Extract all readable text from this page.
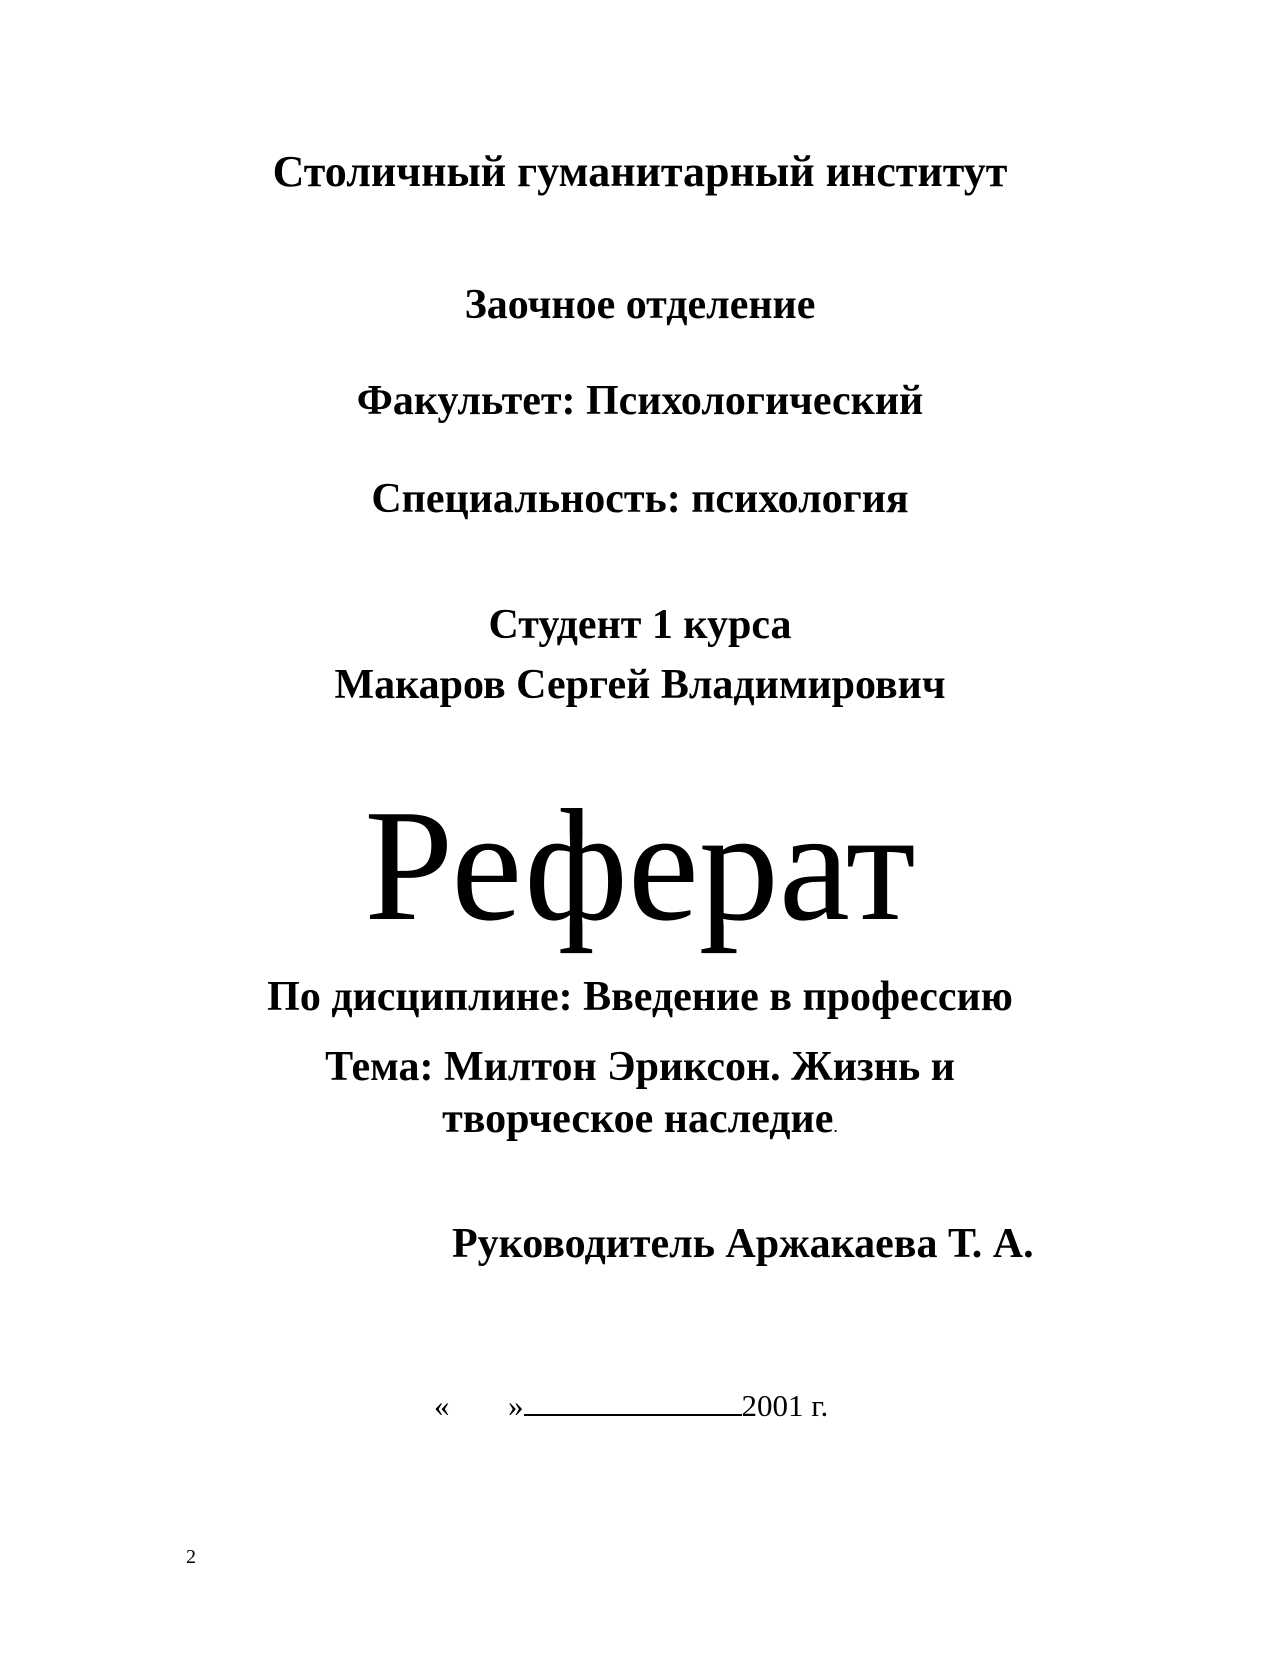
Столичный гуманитарный институт
Заочное отделение
Факультет: Психологический
Специальность: психология
Студент 1 курса
Макаров Сергей Владимирович
Реферат
По дисциплине: Введение в профессию
Тема: Милтон Эриксон. Жизнь и
творческое наследие.
Руководитель Аржакаева Т. А.
« »	2001 г.
2
